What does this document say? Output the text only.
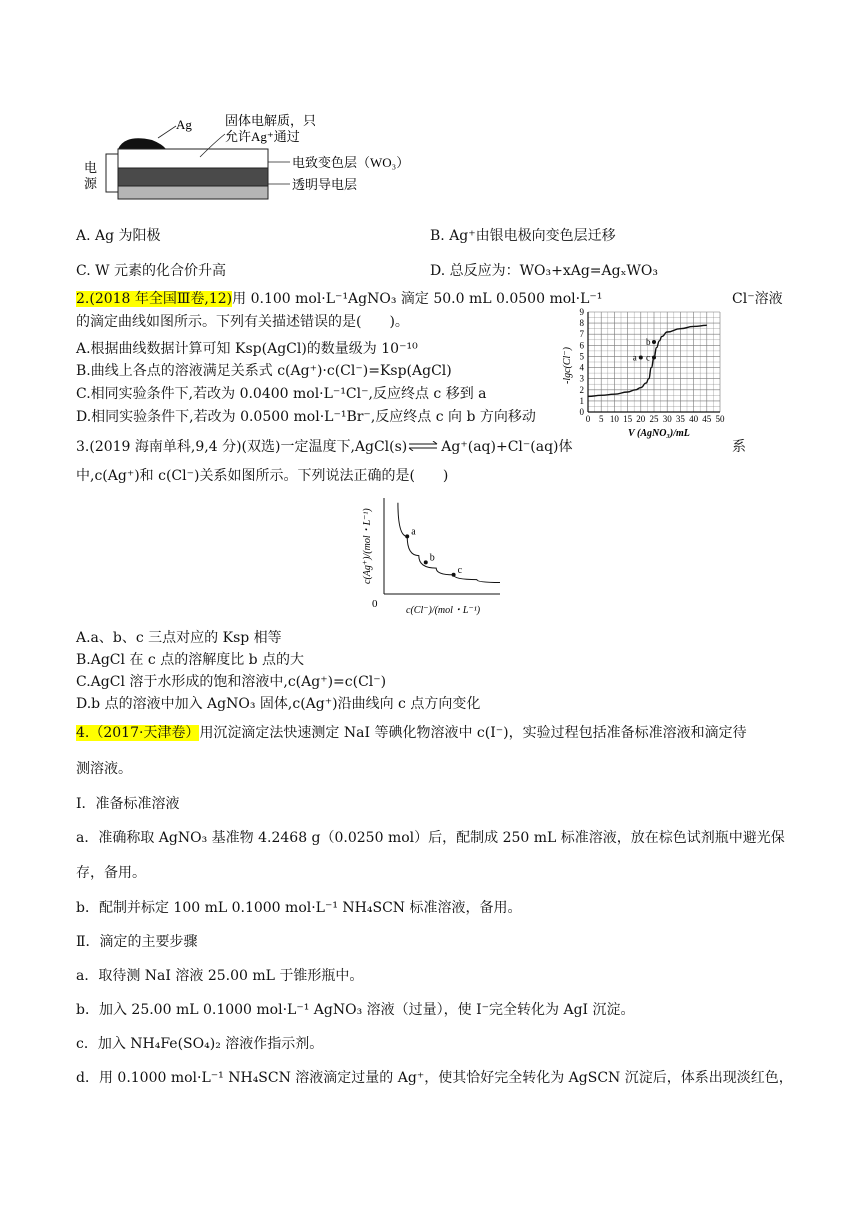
电
源
Ag	固体电解质，只
允许Ag⁺通过
电致变色层（WO₃）
透明导电层
A. Ag 为阳极	B. Ag⁺由银电极向变色层迁移
C. W 元素的化合价升高	D. 总反应为：WO₃+xAg=AgₓWO₃
2.(2018 年全国Ⅲ卷,12)用 0.100 mol·L⁻¹AgNO₃ 滴定 50.0 mL 0.0500 mol·L⁻¹	Cl⁻溶液
的滴定曲线如图所示。下列有关描述错误的是(　　)。
A.根据曲线数据计算可知 Ksp(AgCl)的数量级为 10⁻¹⁰
B.曲线上各点的溶液满足关系式 c(Ag⁺)·c(Cl⁻)=Ksp(AgCl)
C.相同实验条件下,若改为 0.0400 mol·L⁻¹Cl⁻,反应终点 c 移到 a
D.相同实验条件下,若改为 0.0500 mol·L⁻¹Br⁻,反应终点 c 向 b 方向移动	0 5 10 15 20 25 30 35 40 45 50
0
1
2
3
4
5
6
7
8
9
a
b
c
-lgc(Cl⁻)
V (AgNO₃)/mL
3.(2019 海南单科,9,4 分)(双选)一定温度下,AgCl(s)⇌Ag⁺(aq)+Cl⁻(aq)体	系
中,c(Ag⁺)和 c(Cl⁻)关系如图所示。下列说法正确的是(　　)
a
b
c
0
c(Ag⁺)/(mol・L⁻¹)
c(Cl⁻)/(mol・L⁻¹)
A.a、b、c 三点对应的 Ksp 相等
B.AgCl 在 c 点的溶解度比 b 点的大
C.AgCl 溶于水形成的饱和溶液中,c(Ag⁺)=c(Cl⁻)
D.b 点的溶液中加入 AgNO₃ 固体,c(Ag⁺)沿曲线向 c 点方向变化
4.（2017·天津卷）用沉淀滴定法快速测定 NaI 等碘化物溶液中 c(I⁻)，实验过程包括准备标准溶液和滴定待
测溶液。
Ⅰ．准备标准溶液
a．准确称取 AgNO₃ 基准物 4.2468 g（0.0250 mol）后，配制成 250 mL 标准溶液，放在棕色试剂瓶中避光保
存，备用。
b．配制并标定 100 mL 0.1000 mol·L⁻¹ NH₄SCN 标准溶液，备用。
Ⅱ．滴定的主要步骤
a．取待测 NaI 溶液 25.00 mL 于锥形瓶中。
b．加入 25.00 mL 0.1000 mol·L⁻¹ AgNO₃ 溶液（过量），使 I⁻完全转化为 AgI 沉淀。
c．加入 NH₄Fe(SO₄)₂ 溶液作指示剂。
d．用 0.1000 mol·L⁻¹ NH₄SCN 溶液滴定过量的 Ag⁺，使其恰好完全转化为 AgSCN 沉淀后，体系出现淡红色，
